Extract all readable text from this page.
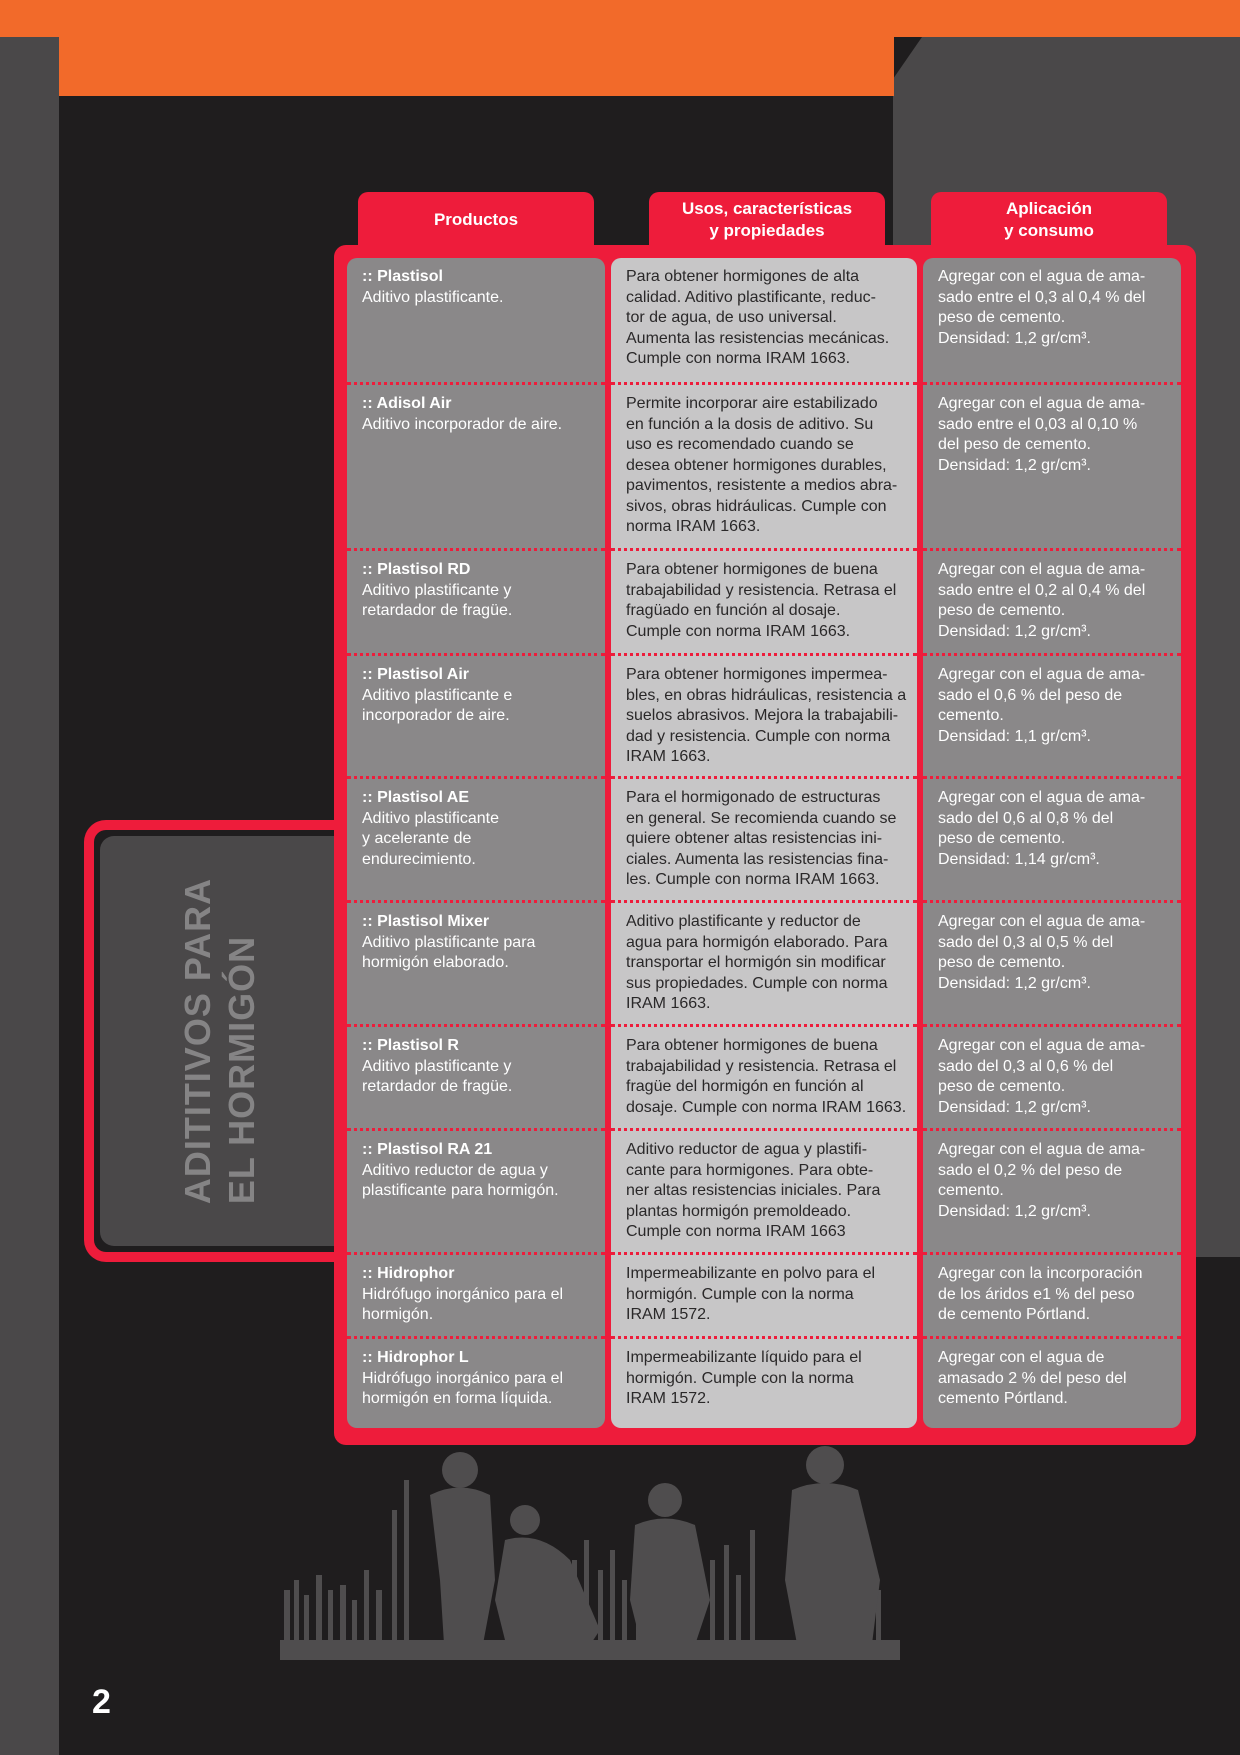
ADITITIVOS PARA EL HORMIGÓN
Productos
Usos, características
y propiedades
Aplicación
y consumo
:: Plastisol
Aditivo plastificante.
:: Adisol Air
Aditivo incorporador de aire.
:: Plastisol RD
Aditivo plastificante y
retardador de fragüe.
:: Plastisol Air
Aditivo plastificante e
incorporador de aire.
:: Plastisol AE
Aditivo plastificante
y acelerante de
endurecimiento.
:: Plastisol Mixer
Aditivo plastificante para
hormigón elaborado.
:: Plastisol R
Aditivo plastificante y
retardador de fragüe.
:: Plastisol RA 21
Aditivo reductor de agua y
plastificante para hormigón.
:: Hidrophor
Hidrófugo inorgánico para el
hormigón.
:: Hidrophor L
Hidrófugo inorgánico para el
hormigón en forma líquida.
Para obtener hormigones de alta
calidad. Aditivo plastificante, reduc-
tor de agua, de uso universal.
Aumenta las resistencias mecánicas.
Cumple con norma IRAM 1663.
Permite incorporar aire estabilizado
en función a la dosis de aditivo. Su
uso es recomendado cuando se
desea obtener hormigones durables,
pavimentos, resistente a medios abra-
sivos, obras hidráulicas. Cumple con
norma IRAM 1663.
Para obtener hormigones de buena
trabajabilidad y resistencia. Retrasa el
fragüado en función al dosaje.
Cumple con norma IRAM 1663.
Para obtener hormigones impermea-
bles, en obras hidráulicas, resistencia a
suelos abrasivos. Mejora la trabajabili-
dad y resistencia. Cumple con norma
IRAM 1663.
Para el hormigonado de estructuras
en general. Se recomienda cuando se
quiere obtener altas resistencias ini-
ciales. Aumenta las resistencias fina-
les. Cumple con norma IRAM 1663.
Aditivo plastificante y reductor de
agua para hormigón elaborado. Para
transportar el hormigón sin modificar
sus propiedades. Cumple con norma
IRAM 1663.
Para obtener hormigones de buena
trabajabilidad y resistencia. Retrasa el
fragüe del hormigón en función al
dosaje. Cumple con norma IRAM 1663.
Aditivo reductor de agua y plastifi-
cante para hormigones. Para obte-
ner altas resistencias iniciales. Para
plantas hormigón premoldeado.
Cumple con norma IRAM 1663
Impermeabilizante en polvo para el
hormigón. Cumple con la norma
IRAM 1572.
Impermeabilizante líquido para el
hormigón. Cumple con la norma
IRAM 1572.
Agregar con el agua de ama-
sado entre el 0,3 al 0,4 % del
peso de cemento.
Densidad: 1,2 gr/cm³.
Agregar con el agua de ama-
sado entre el 0,03 al 0,10 %
del peso de cemento.
Densidad: 1,2 gr/cm³.
Agregar con el agua de ama-
sado entre el 0,2 al 0,4 % del
peso de cemento.
Densidad: 1,2 gr/cm³.
Agregar con el agua de ama-
sado el 0,6 % del peso de
cemento.
Densidad: 1,1 gr/cm³.
Agregar con el agua de ama-
sado del 0,6 al 0,8 % del
peso de cemento.
Densidad: 1,14 gr/cm³.
Agregar con el agua de ama-
sado del 0,3 al 0,5 % del
peso de cemento.
Densidad: 1,2 gr/cm³.
Agregar con el agua de ama-
sado del 0,3 al 0,6 % del
peso de cemento.
Densidad: 1,2 gr/cm³.
Agregar con el agua de ama-
sado el 0,2 % del peso de
cemento.
Densidad: 1,2 gr/cm³.
Agregar con la incorporación
de los áridos e1 % del peso
de cemento Pórtland.
Agregar con el agua de
amasado 2 % del peso del
cemento Pórtland.
2
